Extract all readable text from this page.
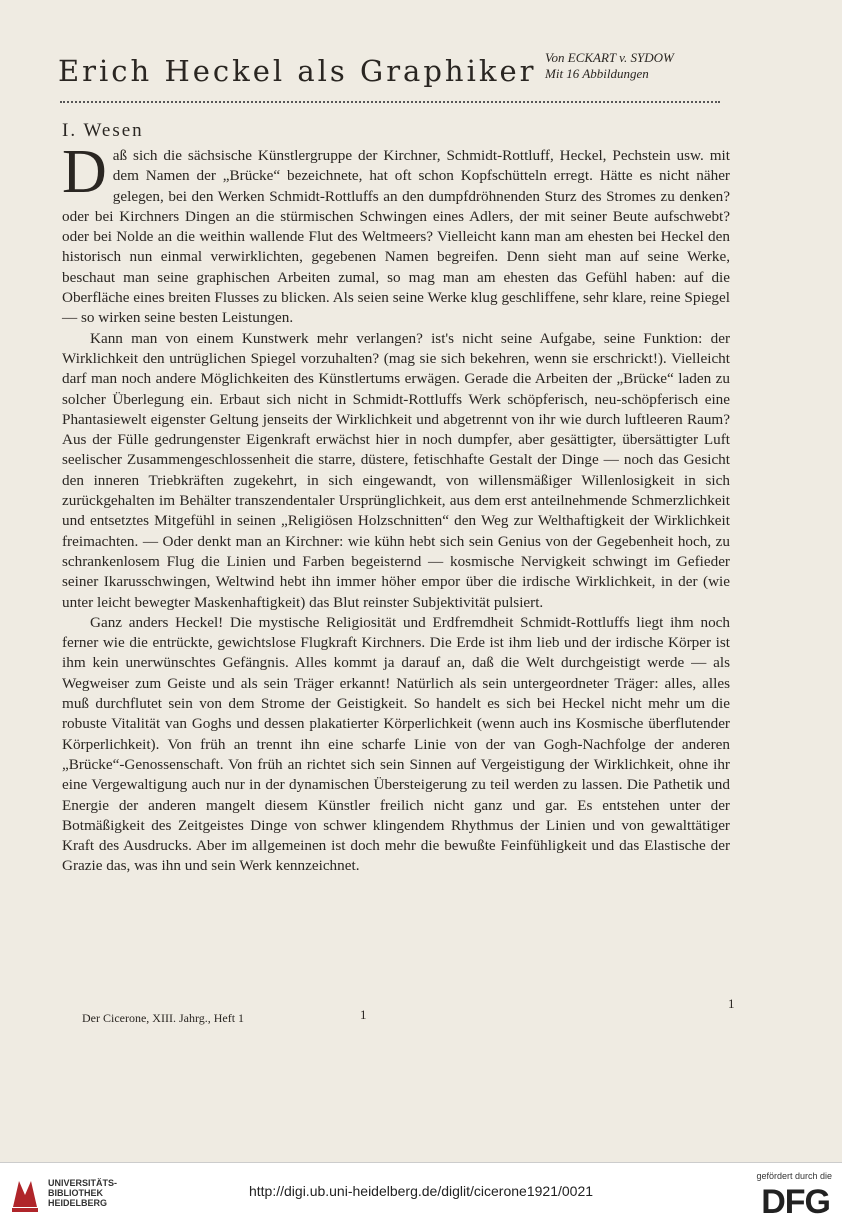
Erich Heckel als Graphiker Von ECKART v. SYDOW
Mit 16 Abbildungen
I. Wesen

Daß sich die sächsische Künstlergruppe der Kirchner, Schmidt-Rottluff, Heckel, Pechstein usw. mit dem Namen der „Brücke“ bezeichnete, hat oft schon Kopfschütteln erregt. Hätte es nicht näher gelegen, bei den Werken Schmidt-Rottluffs an den dumpfdröhnenden Sturz des Stromes zu denken? oder bei Kirchners Dingen an die stürmischen Schwingen eines Adlers, der mit seiner Beute aufschwebt? oder bei Nolde an die weithin wallende Flut des Weltmeers? Vielleicht kann man am ehesten bei Heckel den historisch nun einmal verwirklichten, gegebenen Namen begreifen. Denn sieht man auf seine Werke, beschaut man seine graphischen Arbeiten zumal, so mag man am ehesten das Gefühl haben: auf die Oberfläche eines breiten Flusses zu blicken. Als seien seine Werke klug geschliffene, sehr klare, reine Spiegel — so wirken seine besten Leistungen.

Kann man von einem Kunstwerk mehr verlangen? ist's nicht seine Aufgabe, seine Funktion: der Wirklichkeit den untrüglichen Spiegel vorzuhalten? (mag sie sich bekehren, wenn sie erschrickt!). Vielleicht darf man noch andere Möglichkeiten des Künstlertums erwägen. Gerade die Arbeiten der „Brücke“ laden zu solcher Überlegung ein. Erbaut sich nicht in Schmidt-Rottluffs Werk schöpferisch, neu-schöpferisch eine Phantasiewelt eigenster Geltung jenseits der Wirklichkeit und abgetrennt von ihr wie durch luftleeren Raum? Aus der Fülle gedrungenster Eigenkraft erwächst hier in noch dumpfer, aber gesättigter, übersättigter Luft seelischer Zusammengeschlossenheit die starre, düstere, fetischhafte Gestalt der Dinge — noch das Gesicht den inneren Triebkräften zugekehrt, in sich eingewandt, von willensmäßiger Willenlosigkeit in sich zurückgehalten im Behälter transzendentaler Ursprünglichkeit, aus dem erst anteilnehmende Schmerzlichkeit und entsetztes Mitgefühl in seinen „Religiösen Holzschnitten“ den Weg zur Welthaftigkeit der Wirklichkeit freimachten. — Oder denkt man an Kirchner: wie kühn hebt sich sein Genius von der Gegebenheit hoch, zu schrankenlosem Flug die Linien und Farben begeisternd — kosmische Nervigkeit schwingt im Gefieder seiner Ikarusschwingen, Weltwind hebt ihn immer höher empor über die irdische Wirklichkeit, in der (wie unter leicht bewegter Maskenhaftigkeit) das Blut reinster Subjektivität pulsiert.

Ganz anders Heckel! Die mystische Religiosität und Erdfremdheit Schmidt-Rottluffs liegt ihm noch ferner wie die entrückte, gewichtslose Flugkraft Kirchners. Die Erde ist ihm lieb und der irdische Körper ist ihm kein unerwünschtes Gefängnis. Alles kommt ja darauf an, daß die Welt durchgeistigt werde — als Wegweiser zum Geiste und als sein Träger erkannt! Natürlich als sein untergeordneter Träger: alles, alles muß durchflutet sein von dem Strome der Geistigkeit. So handelt es sich bei Heckel nicht mehr um die robuste Vitalität van Goghs und dessen plakatierter Körperlichkeit (wenn auch ins Kosmische überflutender Körperlichkeit). Von früh an trennt ihn eine scharfe Linie von der van Gogh-Nachfolge der anderen „Brücke“-Genossenschaft. Von früh an richtet sich sein Sinnen auf Vergeistigung der Wirklichkeit, ohne ihr eine Vergewaltigung auch nur in der dynamischen Übersteigerung zu teil werden zu lassen. Die Pathetik und Energie der anderen mangelt diesem Künstler freilich nicht ganz und gar. Es entstehen unter der Botmäßigkeit des Zeitgeistes Dinge von schwer klingendem Rhythmus der Linien und von gewalttätiger Kraft des Ausdrucks. Aber im allgemeinen ist doch mehr die bewußte Feinfühligkeit und das Elastische der Grazie das, was ihn und sein Werk kennzeichnet.

Der Cicerone, XIII. Jahrg., Heft 1	1
1
UNIVERSITÄTS-
BIBLIOTHEK
HEIDELBERG
http://digi.ub.uni-heidelberg.de/diglit/cicerone1921/0021
gefördert durch die
DFG
